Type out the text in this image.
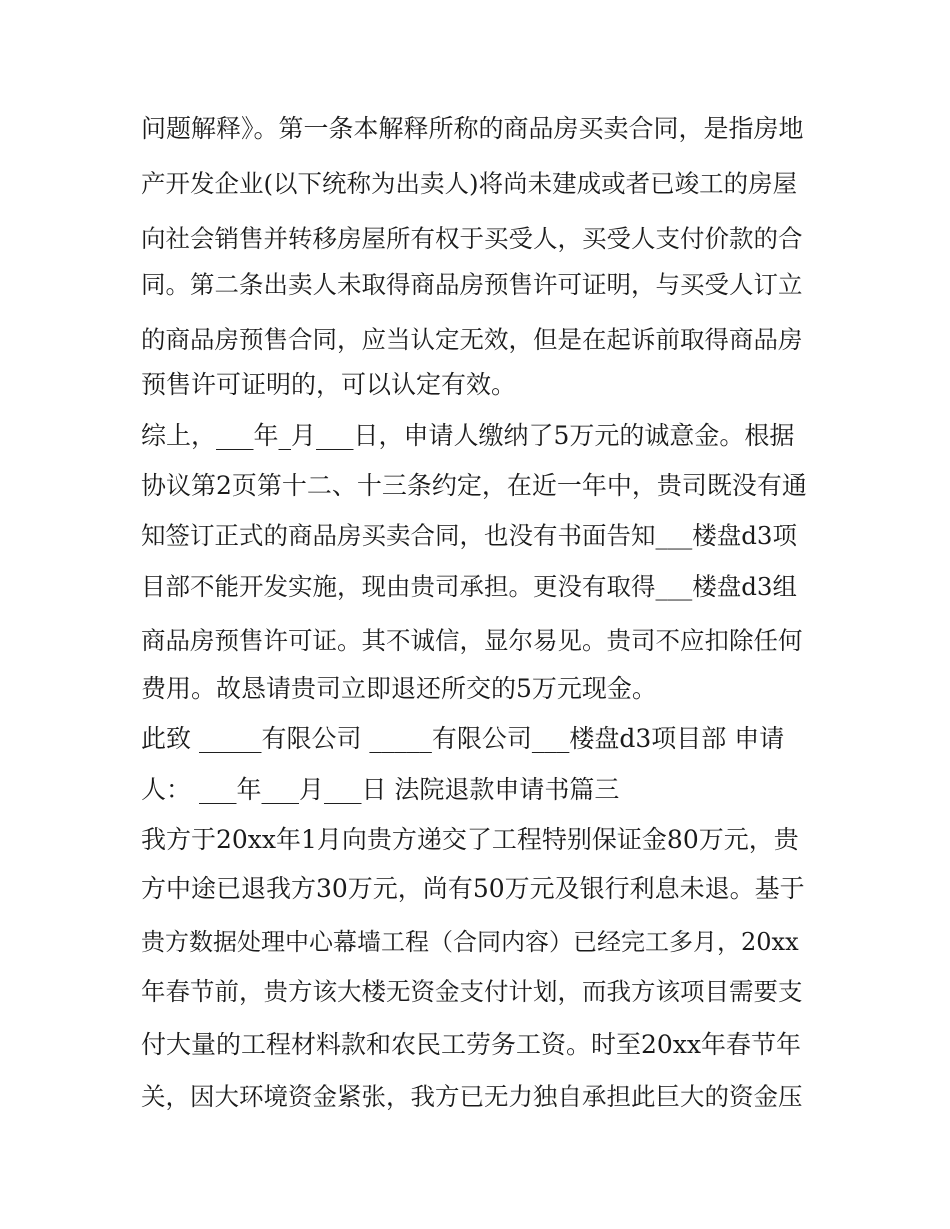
问题解释》。第一条本解释所称的商品房买卖合同，是指房地
产开发企业(以下统称为出卖人)将尚未建成或者已竣工的房屋
向社会销售并转移房屋所有权于买受人，买受人支付价款的合
同。第二条出卖人未取得商品房预售许可证明，与买受人订立
的商品房预售合同，应当认定无效，但是在起诉前取得商品房
预售许可证明的，可以认定有效。
综上，___年_月___日，申请人缴纳了5万元的诚意金。根据
协议第2页第十二、十三条约定，在近一年中，贵司既没有通
知签订正式的商品房买卖合同，也没有书面告知___楼盘d3项
目部不能开发实施，现由贵司承担。更没有取得___楼盘d3组
商品房预售许可证。其不诚信，显尔易见。贵司不应扣除任何
费用。故恳请贵司立即退还所交的5万元现金。
此致 _____有限公司 _____有限公司___楼盘d3项目部 申请
人： ___年___月___日 法院退款申请书篇三
我方于20xx年1月向贵方递交了工程特别保证金80万元，贵
方中途已退我方30万元，尚有50万元及银行利息未退。基于
贵方数据处理中心幕墙工程（合同内容）已经完工多月，20xx
年春节前，贵方该大楼无资金支付计划，而我方该项目需要支
付大量的工程材料款和农民工劳务工资。时至20xx年春节年
关，因大环境资金紧张，我方已无力独自承担此巨大的资金压
